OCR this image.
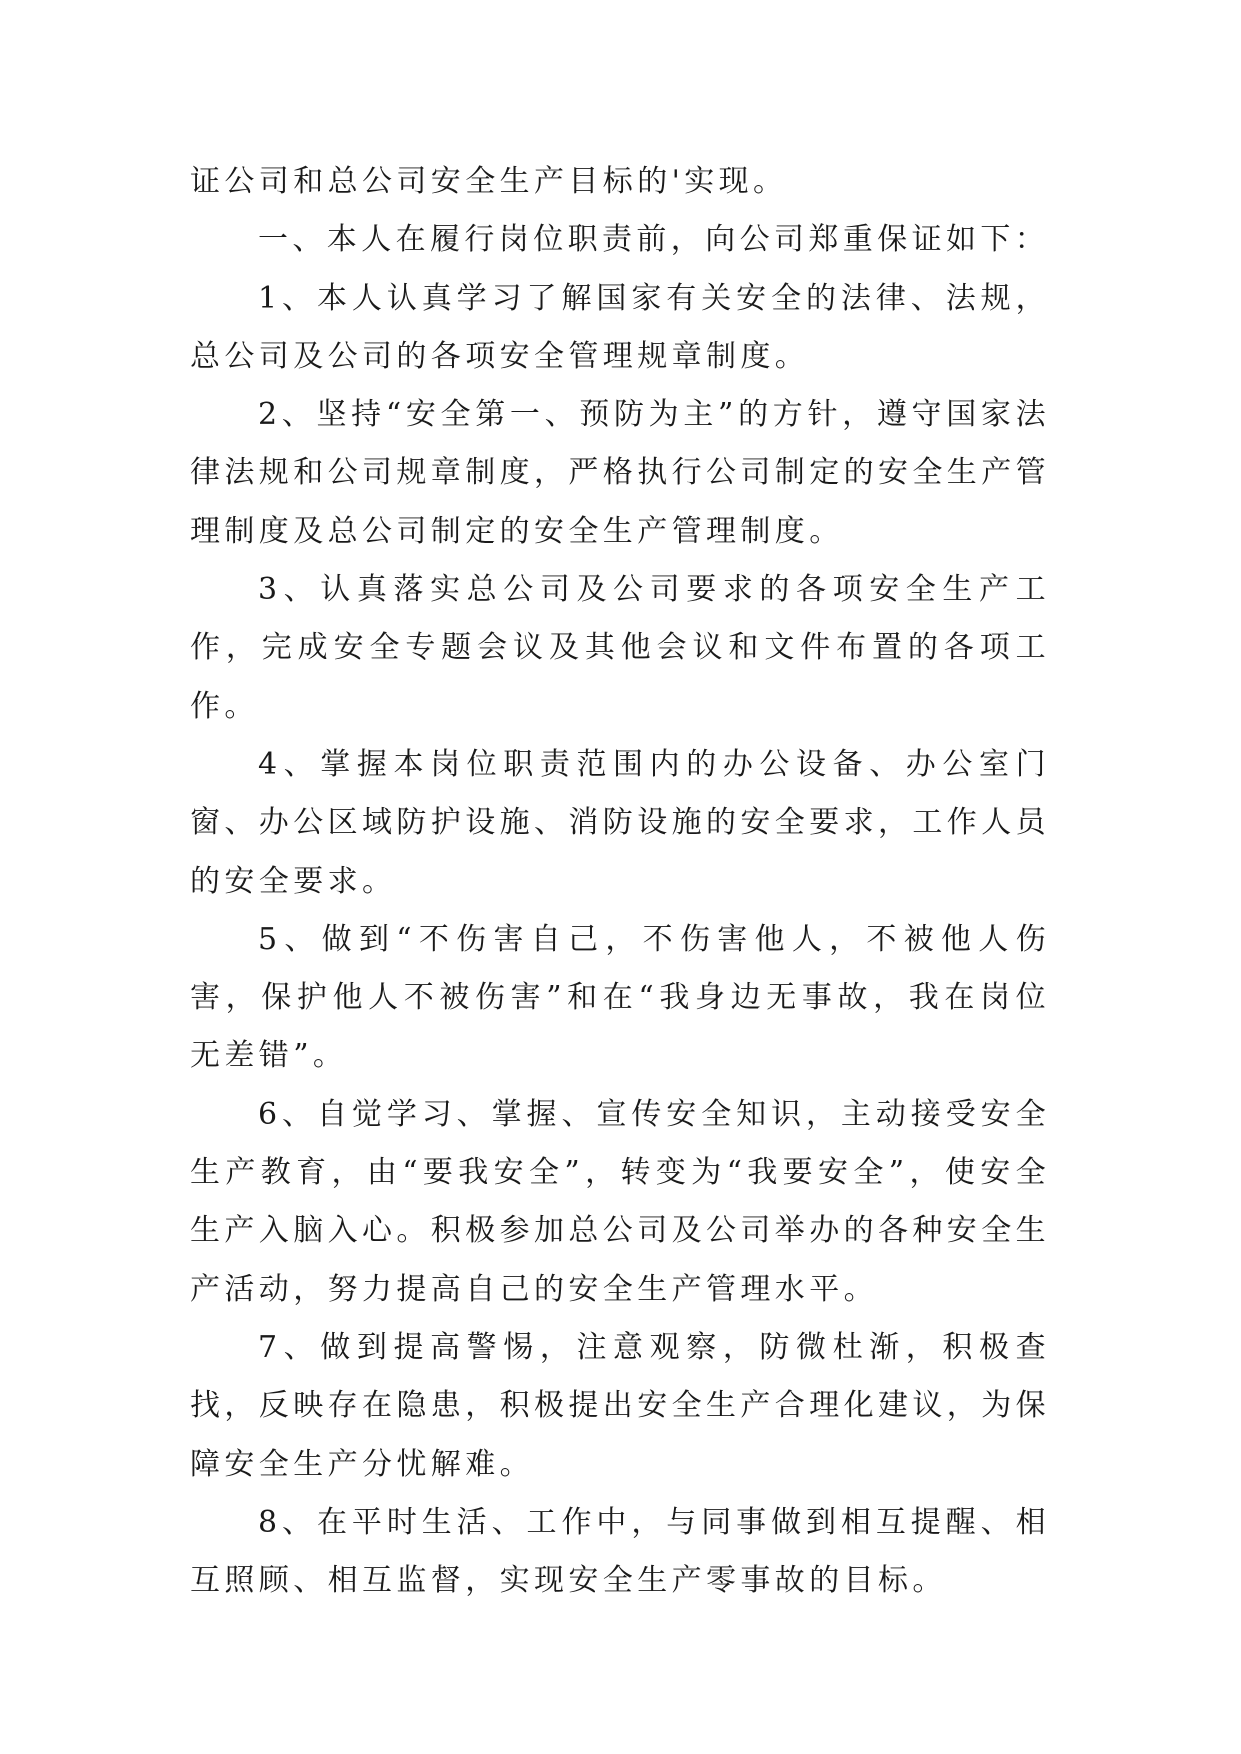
证公司和总公司安全生产目标的'实现。

一、本人在履行岗位职责前，向公司郑重保证如下：

1、本人认真学习了解国家有关安全的法律、法规，总公司及公司的各项安全管理规章制度。

2、坚持“安全第一、预防为主”的方针，遵守国家法律法规和公司规章制度，严格执行公司制定的安全生产管理制度及总公司制定的安全生产管理制度。

3、认真落实总公司及公司要求的各项安全生产工作，完成安全专题会议及其他会议和文件布置的各项工作。

4、掌握本岗位职责范围内的办公设备、办公室门窗、办公区域防护设施、消防设施的安全要求，工作人员的安全要求。

5、做到“不伤害自己，不伤害他人，不被他人伤害，保护他人不被伤害”和在“我身边无事故，我在岗位无差错”。

6、自觉学习、掌握、宣传安全知识，主动接受安全生产教育，由“要我安全”，转变为“我要安全”，使安全生产入脑入心。积极参加总公司及公司举办的各种安全生产活动，努力提高自己的安全生产管理水平。

7、做到提高警惕，注意观察，防微杜渐，积极查找，反映存在隐患，积极提出安全生产合理化建议，为保障安全生产分忧解难。

8、在平时生活、工作中，与同事做到相互提醒、相互照顾、相互监督，实现安全生产零事故的目标。
